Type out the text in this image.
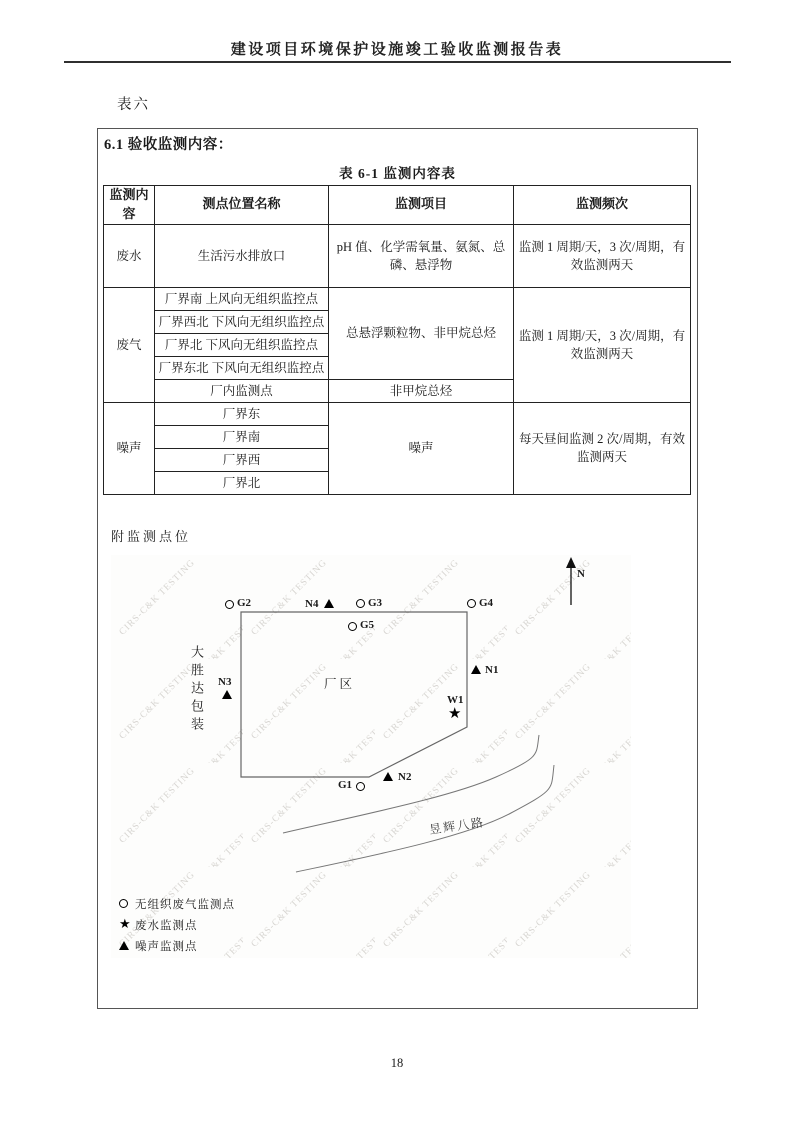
建设项目环境保护设施竣工验收监测报告表
表六
6.1 验收监测内容：
表 6-1 监测内容表
监测内容	测点位置名称	监测项目	监测频次
废水	生活污水排放口	pH 值、化学需氧量、氨氮、总磷、悬浮物	监测 1 周期/天，3 次/周期，有效监测两天
废气	厂界南 上风向无组织监控点	总悬浮颗粒物、非甲烷总烃	监测 1 周期/天，3 次/周期，有效监测两天
	厂界西北 下风向无组织监控点		
	厂界北 下风向无组织监控点		
	厂界东北 下风向无组织监控点		
	厂内监测点	非甲烷总烃	
噪声	厂界东	噪声	每天昼间监测 2 次/周期，有效监测两天
	厂界南		
	厂界西		
	厂界北		
附监测点位
N
G2	N4	G3	G4
G5
N3
N1
W1
★
G1
N2
厂区
大胜达包装
昱辉八路
无组织废气监测点
★ 废水监测点
噪声监测点
18
